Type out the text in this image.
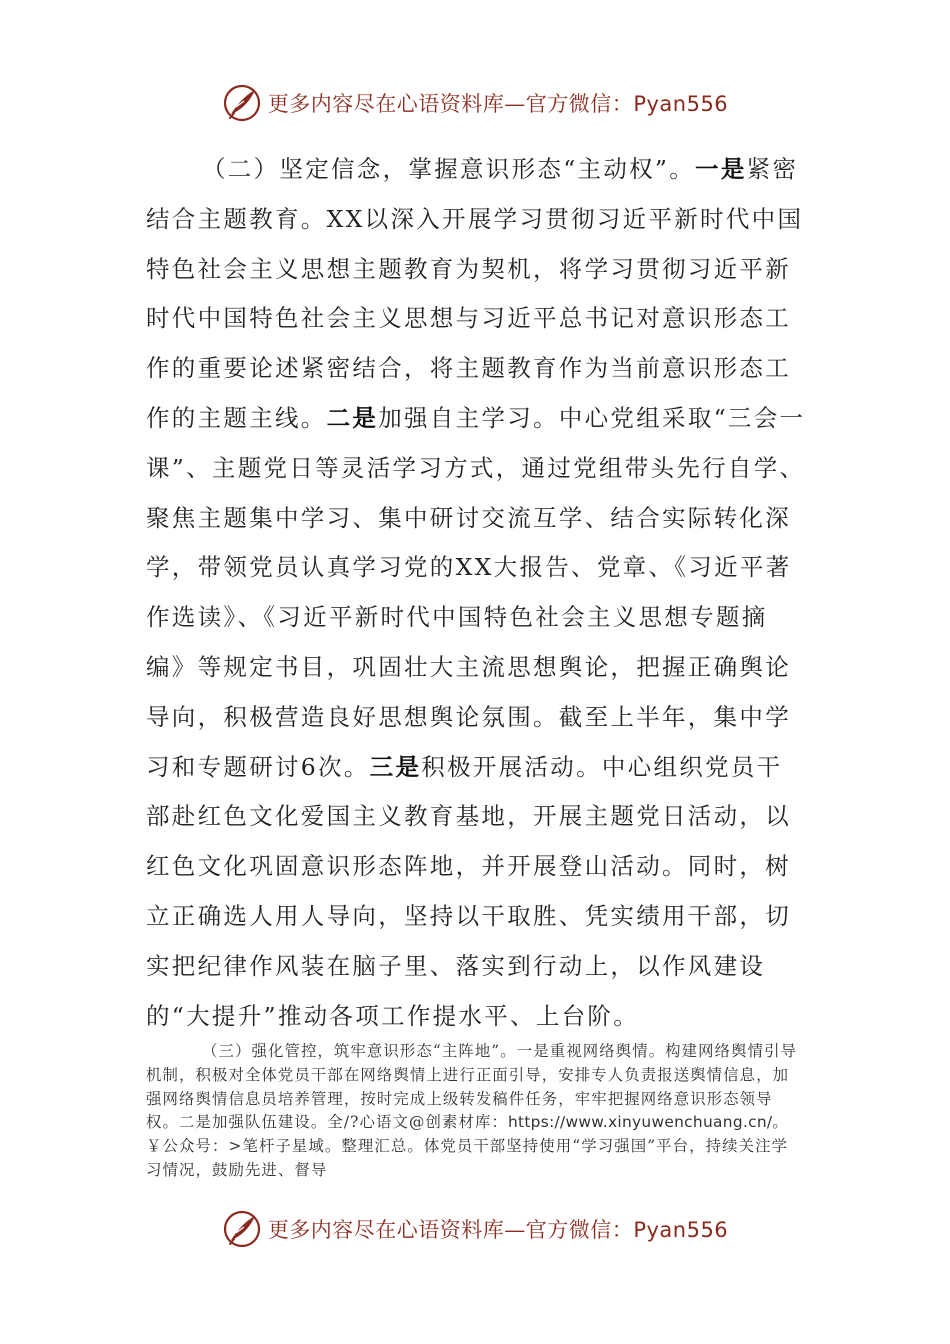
更多内容尽在心语资料库—官方微信：Pyan556

（二）坚定信念，掌握意识形态“主动权”。一是紧密结合主题教育。XX以深入开展学习贯彻习近平新时代中国特色社会主义思想主题教育为契机，将学习贯彻习近平新时代中国特色社会主义思想与习近平总书记对意识形态工作的重要论述紧密结合，将主题教育作为当前意识形态工作的主题主线。二是加强自主学习。中心党组采取“三会一课”、主题党日等灵活学习方式，通过党组带头先行自学、聚焦主题集中学习、集中研讨交流互学、结合实际转化深学，带领党员认真学习党的XX大报告、党章、《习近平著作选读》、《习近平新时代中国特色社会主义思想专题摘编》等规定书目，巩固壮大主流思想舆论，把握正确舆论导向，积极营造良好思想舆论氛围。截至上半年，集中学习和专题研讨6次。三是积极开展活动。中心组织党员干部赴红色文化爱国主义教育基地，开展主题党日活动，以红色文化巩固意识形态阵地，并开展登山活动。同时，树立正确选人用人导向，坚持以干取胜、凭实绩用干部，切实把纪律作风装在脑子里、落实到行动上，以作风建设的“大提升”推动各项工作提水平、上台阶。

（三）强化管控，筑牢意识形态“主阵地”。一是重视网络舆情。构建网络舆情引导机制，积极对全体党员干部在网络舆情上进行正面引导，安排专人负责报送舆情信息，加强网络舆情信息员培养管理，按时完成上级转发稿件任务，牢牢把握网络意识形态领导权。二是加强队伍建设。全/?心语文@创素材库：https://www.xinyuwenchuang.cn/。￥公众号：>笔杆子星域。整理汇总。体党员干部坚持使用“学习强国”平台，持续关注学习情况，鼓励先进、督导

更多内容尽在心语资料库—官方微信：Pyan556
